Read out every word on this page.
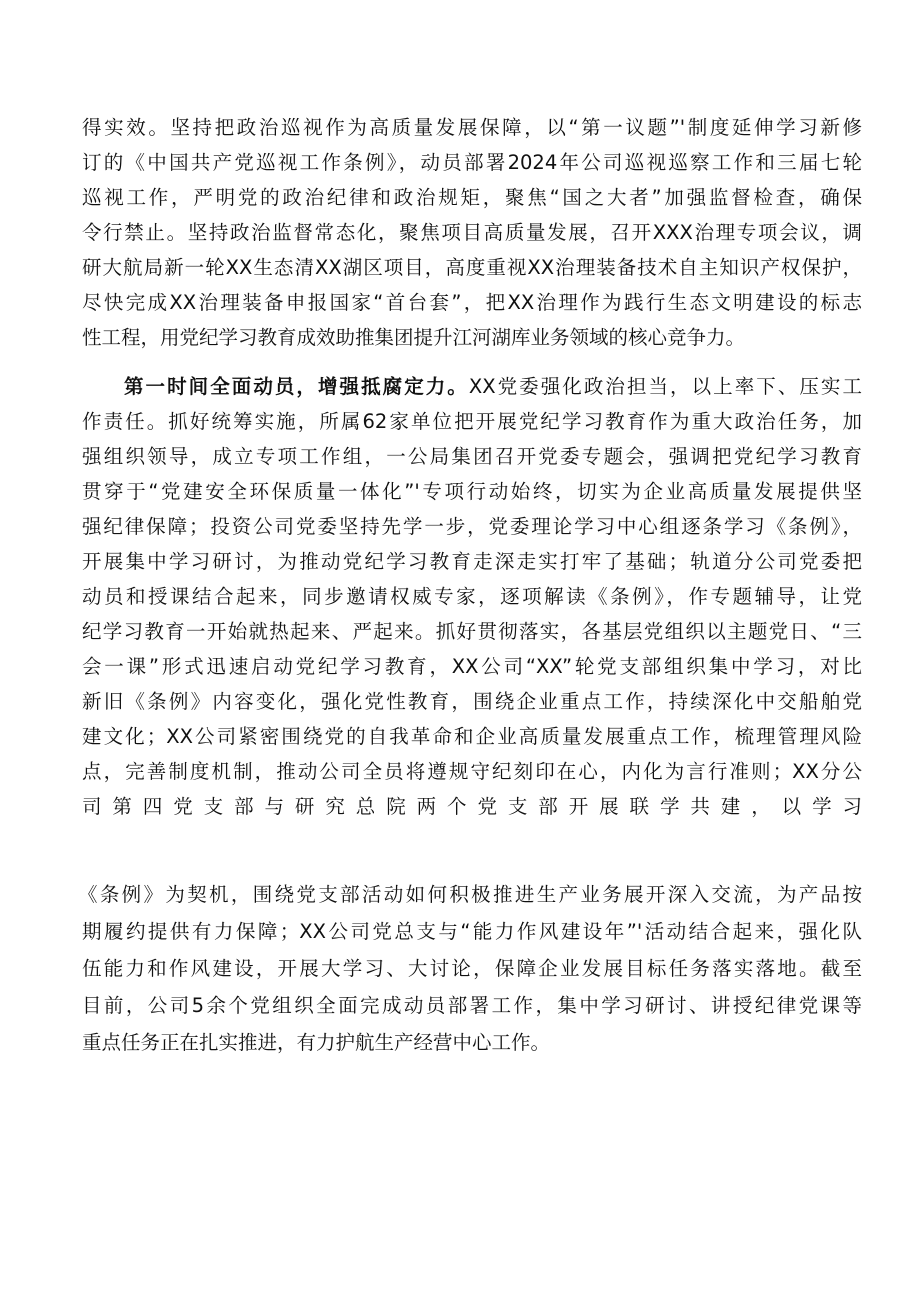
得实效。坚持把政治巡视作为高质量发展保障，以“第一议题”'制度延伸学习新修
订的《中国共产党巡视工作条例》，动员部署2024年公司巡视巡察工作和三届七轮
巡视工作，严明党的政治纪律和政治规矩，聚焦“国之大者”加强监督检查，确保
令行禁止。坚持政治监督常态化，聚焦项目高质量发展，召开XXX治理专项会议，调
研大航局新一轮XX生态清XX湖区项目，高度重视XX治理装备技术自主知识产权保护，
尽快完成XX治理装备申报国家“首台套”，把XX治理作为践行生态文明建设的标志
性工程，用党纪学习教育成效助推集团提升江河湖库业务领域的核心竞争力。
第一时间全面动员，增强抵腐定力。XX党委强化政治担当，以上率下、压实工
作责任。抓好统筹实施，所属62家单位把开展党纪学习教育作为重大政治任务，加
强组织领导，成立专项工作组，一公局集团召开党委专题会，强调把党纪学习教育
贯穿于“党建安全环保质量一体化”'专项行动始终，切实为企业高质量发展提供坚
强纪律保障；投资公司党委坚持先学一步，党委理论学习中心组逐条学习《条例》，
开展集中学习研讨，为推动党纪学习教育走深走实打牢了基础；轨道分公司党委把
动员和授课结合起来，同步邀请权威专家，逐项解读《条例》，作专题辅导，让党
纪学习教育一开始就热起来、严起来。抓好贯彻落实，各基层党组织以主题党日、“三
会一课”形式迅速启动党纪学习教育，XX公司“XX”轮党支部组织集中学习，对比
新旧《条例》内容变化，强化党性教育，围绕企业重点工作，持续深化中交船舶党
建文化；XX公司紧密围绕党的自我革命和企业高质量发展重点工作，梳理管理风险
点，完善制度机制，推动公司全员将遵规守纪刻印在心，内化为言行准则；XX分公
司第四党支部与研究总院两个党支部开展联学共建，以学习
《条例》为契机，围绕党支部活动如何积极推进生产业务展开深入交流，为产品按
期履约提供有力保障；XX公司党总支与“能力作风建设年”'活动结合起来，强化队
伍能力和作风建设，开展大学习、大讨论，保障企业发展目标任务落实落地。截至
目前，公司5余个党组织全面完成动员部署工作，集中学习研讨、讲授纪律党课等
重点任务正在扎实推进，有力护航生产经营中心工作。
